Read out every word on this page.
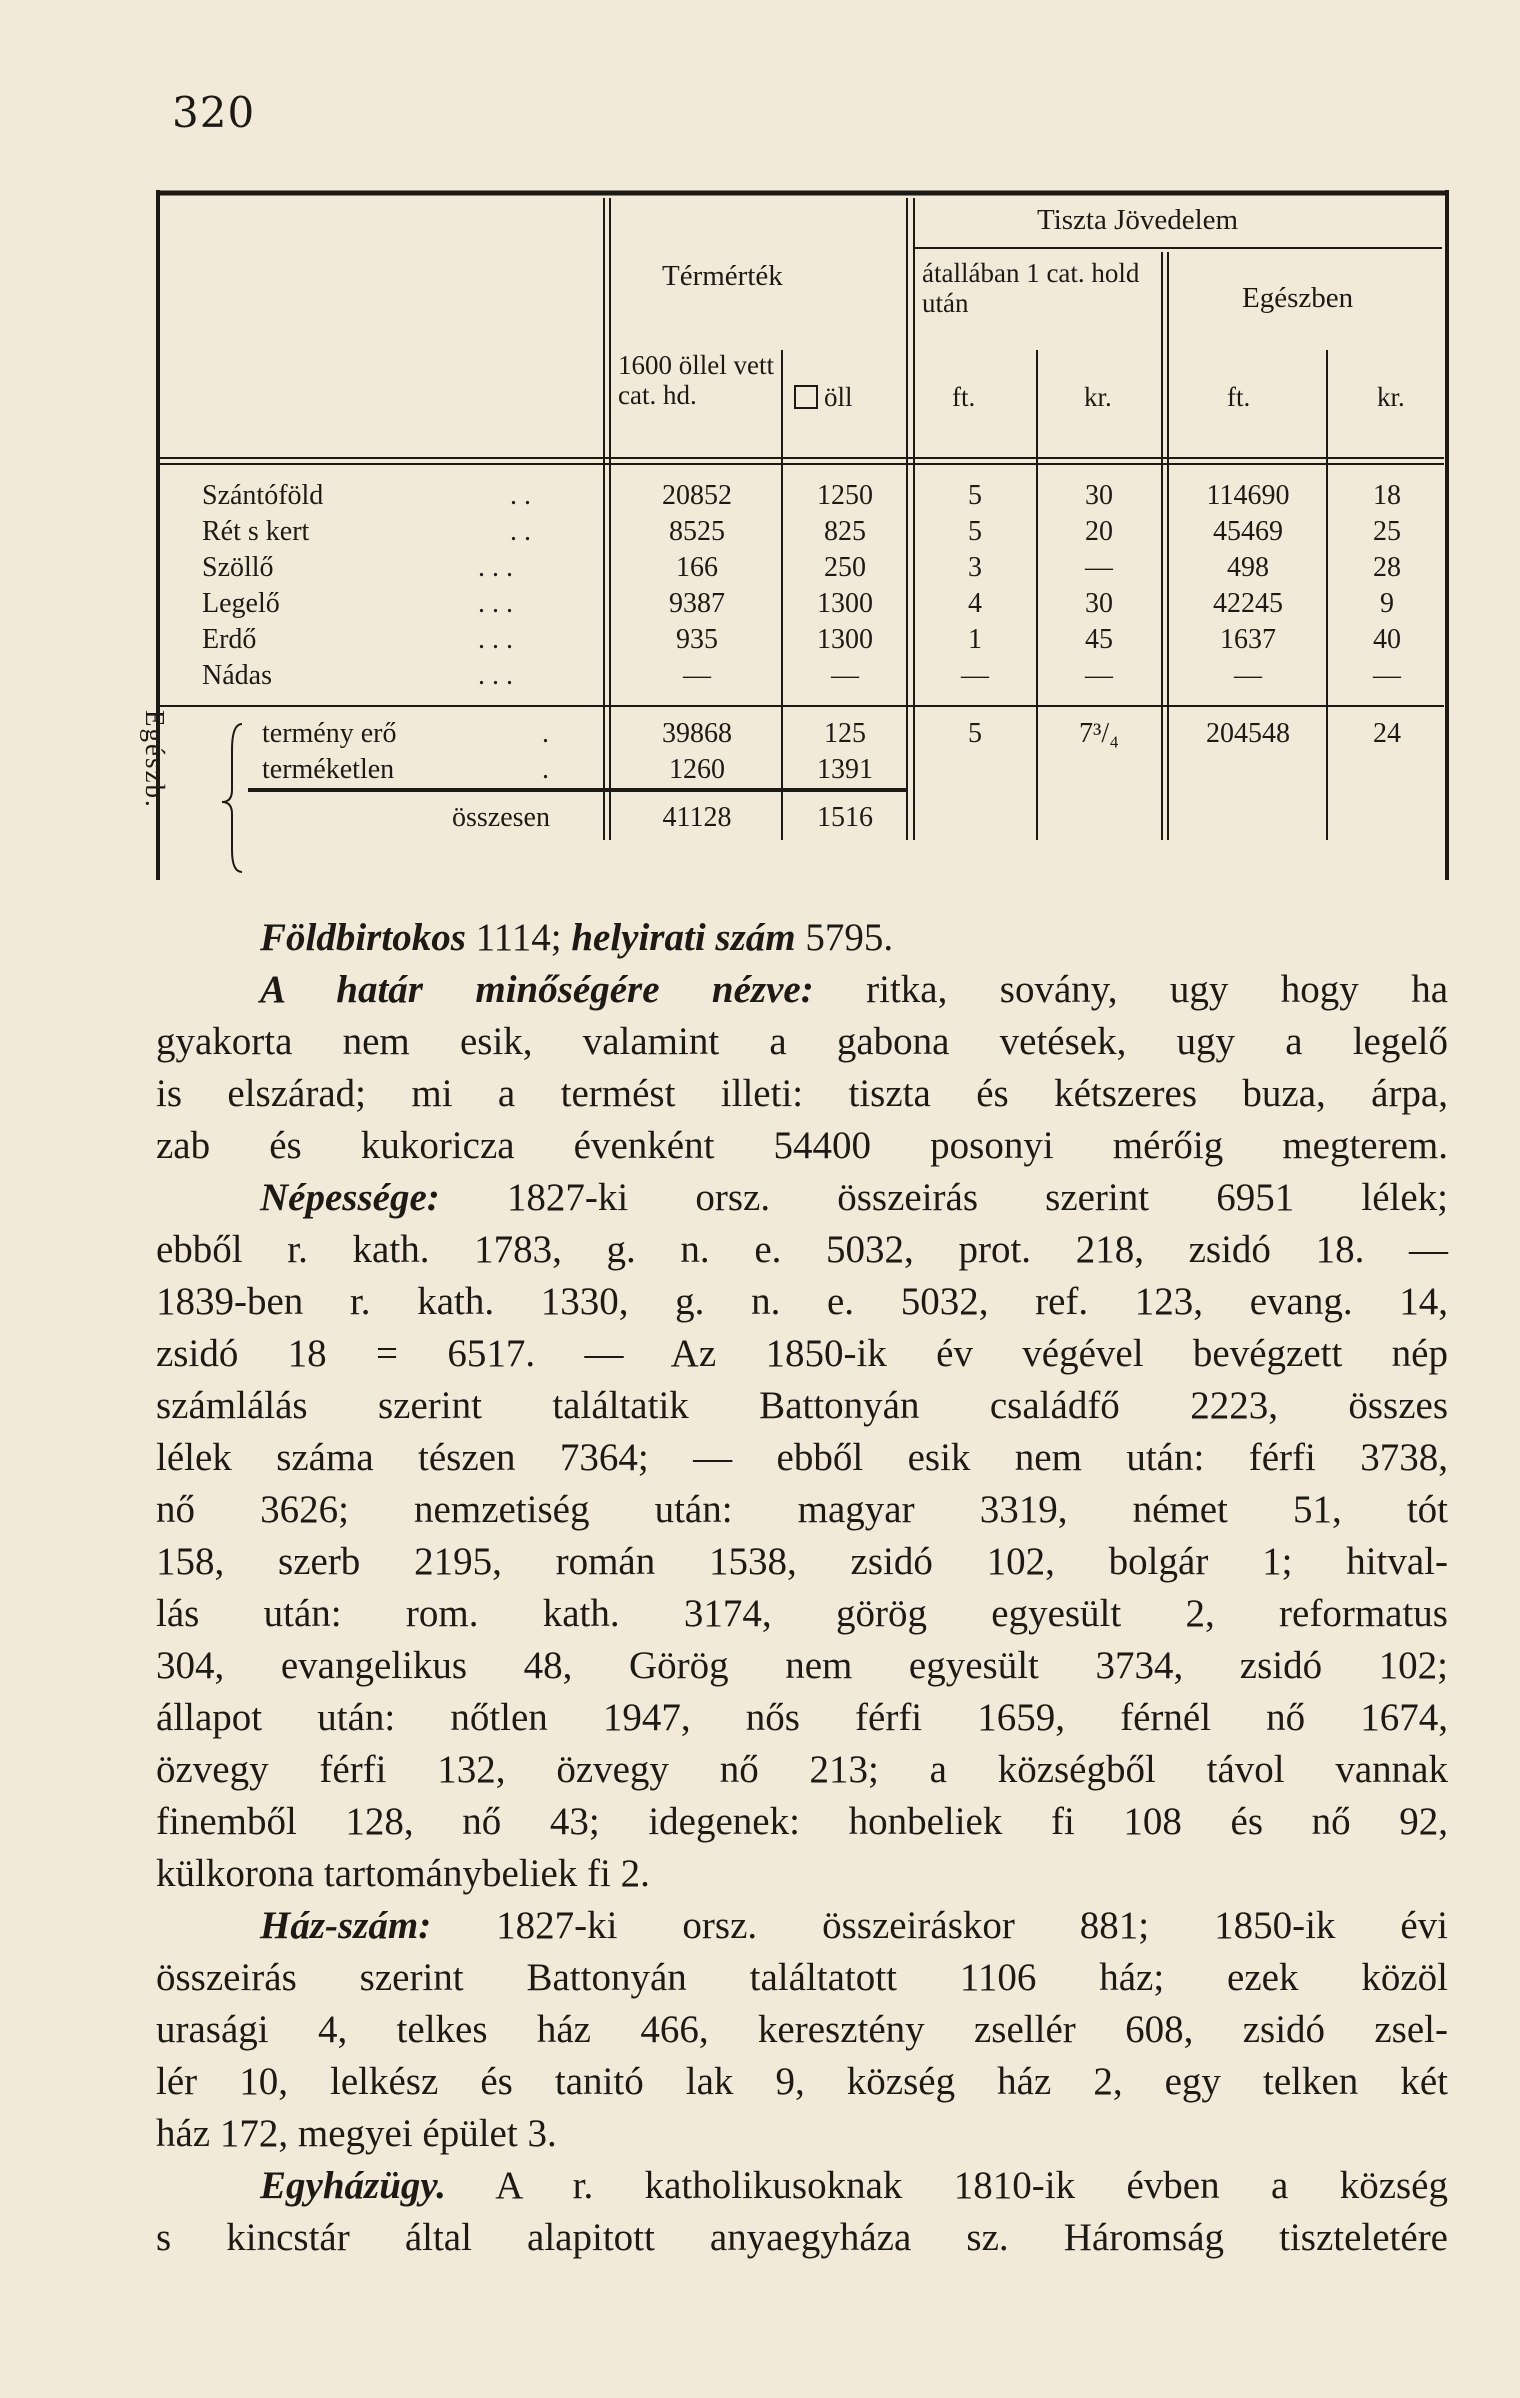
320
Térmérték
Tiszta Jövedelem
átallában 1 cat. hold után	Egészben
1600 öllel vett cat. hd.	öll	ft.	kr.	ft.	kr.
Szántóföld	20852	1250	5	30	114690	18
. .
Rét s kert	8525	825	5	20	45469	25
. .
Szöllő	166	250	3	—	498	28
. . .
Legelő	9387	1300	4	30	42245	9
. . .
Erdő	935	1300	1	45	1637	40
. . .
Nádas	—	—	—	—	—	—
. . .
termény erő	39868	125	5	7³/₄	204548	24
.
terméketlen	1260	1391
.
összesen	41128	1516
Egészb.
Földbirtokos 1114; helyirati szám 5795.
A határ minőségére nézve: ritka, sovány, ugy hogy ha
gyakorta nem esik, valamint a gabona vetések, ugy a legelő
is elszárad; mi a termést illeti: tiszta és kétszeres buza, árpa,
zab és kukoricza évenként 54400 posonyi mérőig megterem.
Népessége: 1827-ki orsz. összeirás szerint 6951 lélek;
ebből r. kath. 1783, g. n. e. 5032, prot. 218, zsidó 18. —
1839-ben r. kath. 1330, g. n. e. 5032, ref. 123, evang. 14,
zsidó 18 = 6517. — Az 1850-ik év végével bevégzett nép
számlálás szerint találtatik Battonyán családfő 2223, összes
lélek száma tészen 7364; — ebből esik nem után: férfi 3738,
nő 3626; nemzetiség után: magyar 3319, német 51, tót
158, szerb 2195, román 1538, zsidó 102, bolgár 1; hitval-
lás után: rom. kath. 3174, görög egyesült 2, reformatus
304, evangelikus 48, Görög nem egyesült 3734, zsidó 102;
állapot után: nőtlen 1947, nős férfi 1659, férnél nő 1674,
özvegy férfi 132, özvegy nő 213; a községből távol vannak
finemből 128, nő 43; idegenek: honbeliek fi 108 és nő 92,
külkorona tartománybeliek fi 2.
Ház-szám: 1827-ki orsz. összeiráskor 881; 1850-ik évi
összeirás szerint Battonyán találtatott 1106 ház; ezek közöl
urasági 4, telkes ház 466, keresztény zsellér 608, zsidó zsel-
lér 10, lelkész és tanitó lak 9, község ház 2, egy telken két
ház 172, megyei épület 3.
Egyházügy. A r. katholikusoknak 1810-ik évben a község
s kincstár által alapitott anyaegyháza sz. Háromság tiszteletére
